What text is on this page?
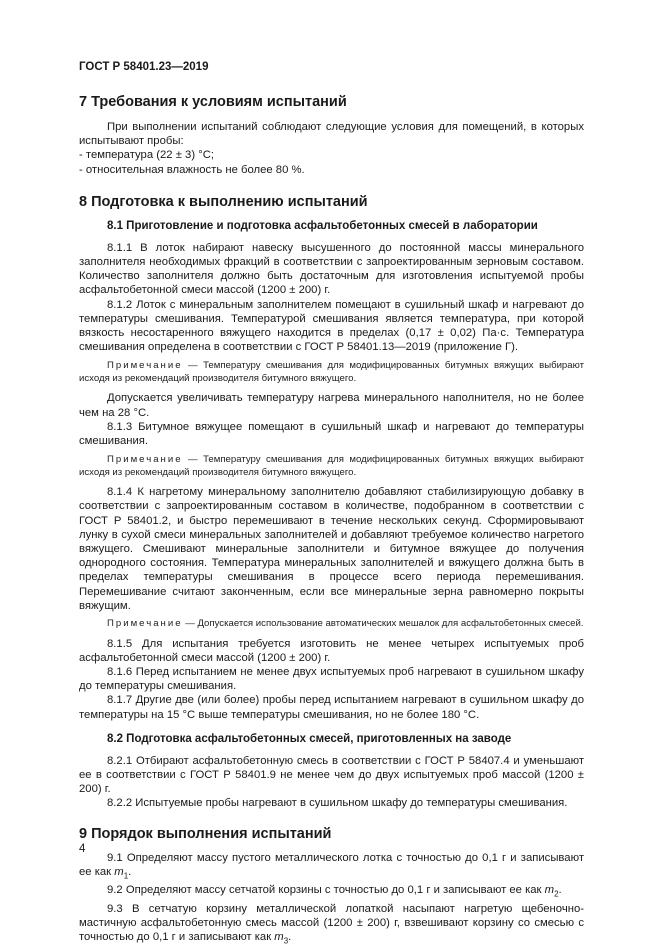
ГОСТ Р 58401.23—2019
7 Требования к условиям испытаний
При выполнении испытаний соблюдают следующие условия для помещений, в которых испытывают пробы:
- температура (22 ± 3) °С;
- относительная влажность не более 80 %.
8 Подготовка к выполнению испытаний
8.1 Приготовление и подготовка асфальтобетонных смесей в лаборатории
8.1.1 В лоток набирают навеску высушенного до постоянной массы минерального заполнителя необходимых фракций в соответствии с запроектированным зерновым составом. Количество заполнителя должно быть достаточным для изготовления испытуемой пробы асфальтобетонной смеси массой (1200 ± 200) г.
8.1.2 Лоток с минеральным заполнителем помещают в сушильный шкаф и нагревают до температуры смешивания. Температурой смешивания является температура, при которой вязкость несостаренного вяжущего находится в пределах (0,17 ± 0,02) Па·с. Температура смешивания определена в соответствии с ГОСТ Р 58401.13—2019 (приложение Г).
Примечание — Температуру смешивания для модифицированных битумных вяжущих выбирают исходя из рекомендаций производителя битумного вяжущего.
Допускается увеличивать температуру нагрева минерального наполнителя, но не более чем на 28 °С.
8.1.3 Битумное вяжущее помещают в сушильный шкаф и нагревают до температуры смешивания.
Примечание — Температуру смешивания для модифицированных битумных вяжущих выбирают исходя из рекомендаций производителя битумного вяжущего.
8.1.4 К нагретому минеральному заполнителю добавляют стабилизирующую добавку в соответствии с запроектированным составом в количестве, подобранном в соответствии с ГОСТ Р 58401.2, и быстро перемешивают в течение нескольких секунд. Сформировывают лунку в сухой смеси минеральных заполнителей и добавляют требуемое количество нагретого вяжущего. Смешивают минеральные заполнители и битумное вяжущее до получения однородного состояния. Температура минеральных заполнителей и вяжущего должна быть в пределах температуры смешивания в процессе всего периода перемешивания. Перемешивание считают законченным, если все минеральные зерна равномерно покрыты вяжущим.
Примечание — Допускается использование автоматических мешалок для асфальтобетонных смесей.
8.1.5 Для испытания требуется изготовить не менее четырех испытуемых проб асфальтобетонной смеси массой (1200 ± 200) г.
8.1.6 Перед испытанием не менее двух испытуемых проб нагревают в сушильном шкафу до температуры смешивания.
8.1.7 Другие две (или более) пробы перед испытанием нагревают в сушильном шкафу до температуры на 15 °С выше температуры смешивания, но не более 180 °С.
8.2 Подготовка асфальтобетонных смесей, приготовленных на заводе
8.2.1 Отбирают асфальтобетонную смесь в соответствии с ГОСТ Р 58407.4 и уменьшают ее в соответствии с ГОСТ Р 58401.9 не менее чем до двух испытуемых проб массой (1200 ± 200) г.
8.2.2 Испытуемые пробы нагревают в сушильном шкафу до температуры смешивания.
9 Порядок выполнения испытаний
9.1 Определяют массу пустого металлического лотка с точностью до 0,1 г и записывают ее как $m_1$.
9.2 Определяют массу сетчатой корзины с точностью до 0,1 г и записывают ее как $m_2$.
9.3 В сетчатую корзину металлической лопаткой насыпают нагретую щебеночно-мастичную асфальтобетонную смесь массой (1200 ± 200) г, взвешивают корзину со смесью с точностью до 0,1 г и записывают как $m_3$.
4
